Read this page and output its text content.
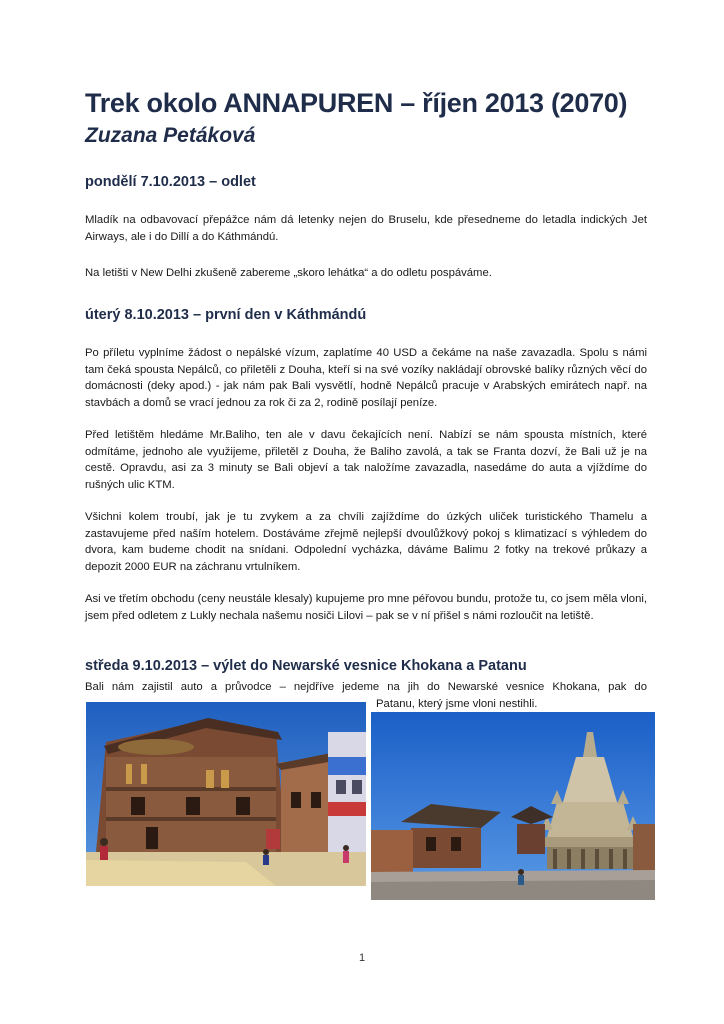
Trek okolo ANNAPUREN – říjen 2013 (2070)
Zuzana Petáková
pondělí 7.10.2013 – odlet

Mladík na odbavovací přepážce nám dá letenky nejen do Bruselu, kde přesedneme do letadla indických Jet Airways, ale i do Dillí a do Káthmándú.

Na letišti v New Delhi zkušeně zabereme „skoro lehátka“ a do odletu pospáváme.

úterý 8.10.2013 – první den v Káthmándú

Po příletu vyplníme žádost o nepálské vízum, zaplatíme 40 USD a čekáme na naše zavazadla. Spolu s námi tam čeká spousta Nepálců, co přiletěli z Douha, kteří si na své vozíky nakládají obrovské balíky různých věcí do domácnosti (deky apod.) - jak nám pak Bali vysvětlí, hodně Nepálců pracuje v Arabských emirátech např. na stavbách a domů se vrací jednou za rok či za 2, rodině posílají peníze.

Před letištěm hledáme Mr.Baliho, ten ale v davu čekajících není. Nabízí se nám spousta místních, které odmítáme, jednoho ale využijeme, přiletěl z Douha, že Baliho zavolá, a tak se Franta dozví, že Bali už je na cestě. Opravdu, asi za 3 minuty se Bali objeví a tak naložíme zavazadla, nasedáme do auta a vjíždíme do rušných ulic KTM.

Všichni kolem troubí, jak je tu zvykem a za chvíli zajíždíme do úzkých uliček turistického Thamelu a zastavujeme před naším hotelem. Dostáváme zřejmě nejlepší dvoulůžkový pokoj s klimatizací s výhledem do dvora, kam budeme chodit na snídani. Odpolední vycházka, dáváme Balimu 2 fotky na trekové průkazy a depozit 2000 EUR na záchranu vrtulníkem.

Asi ve třetím obchodu (ceny neustále klesaly) kupujeme pro mne péřovou bundu, protože tu, co jsem měla vloni, jsem před odletem z Lukly nechala našemu nosiči Lilovi – pak se v ní přišel s námi rozloučit na letiště.

středa 9.10.2013 – výlet do Newarské vesnice Khokana a Patanu

Bali nám zajistil auto a průvodce – nejdříve jedeme na jih do Newarské vesnice Khokana, pak do

Patanu, který jsme vloni nestihli.

1
